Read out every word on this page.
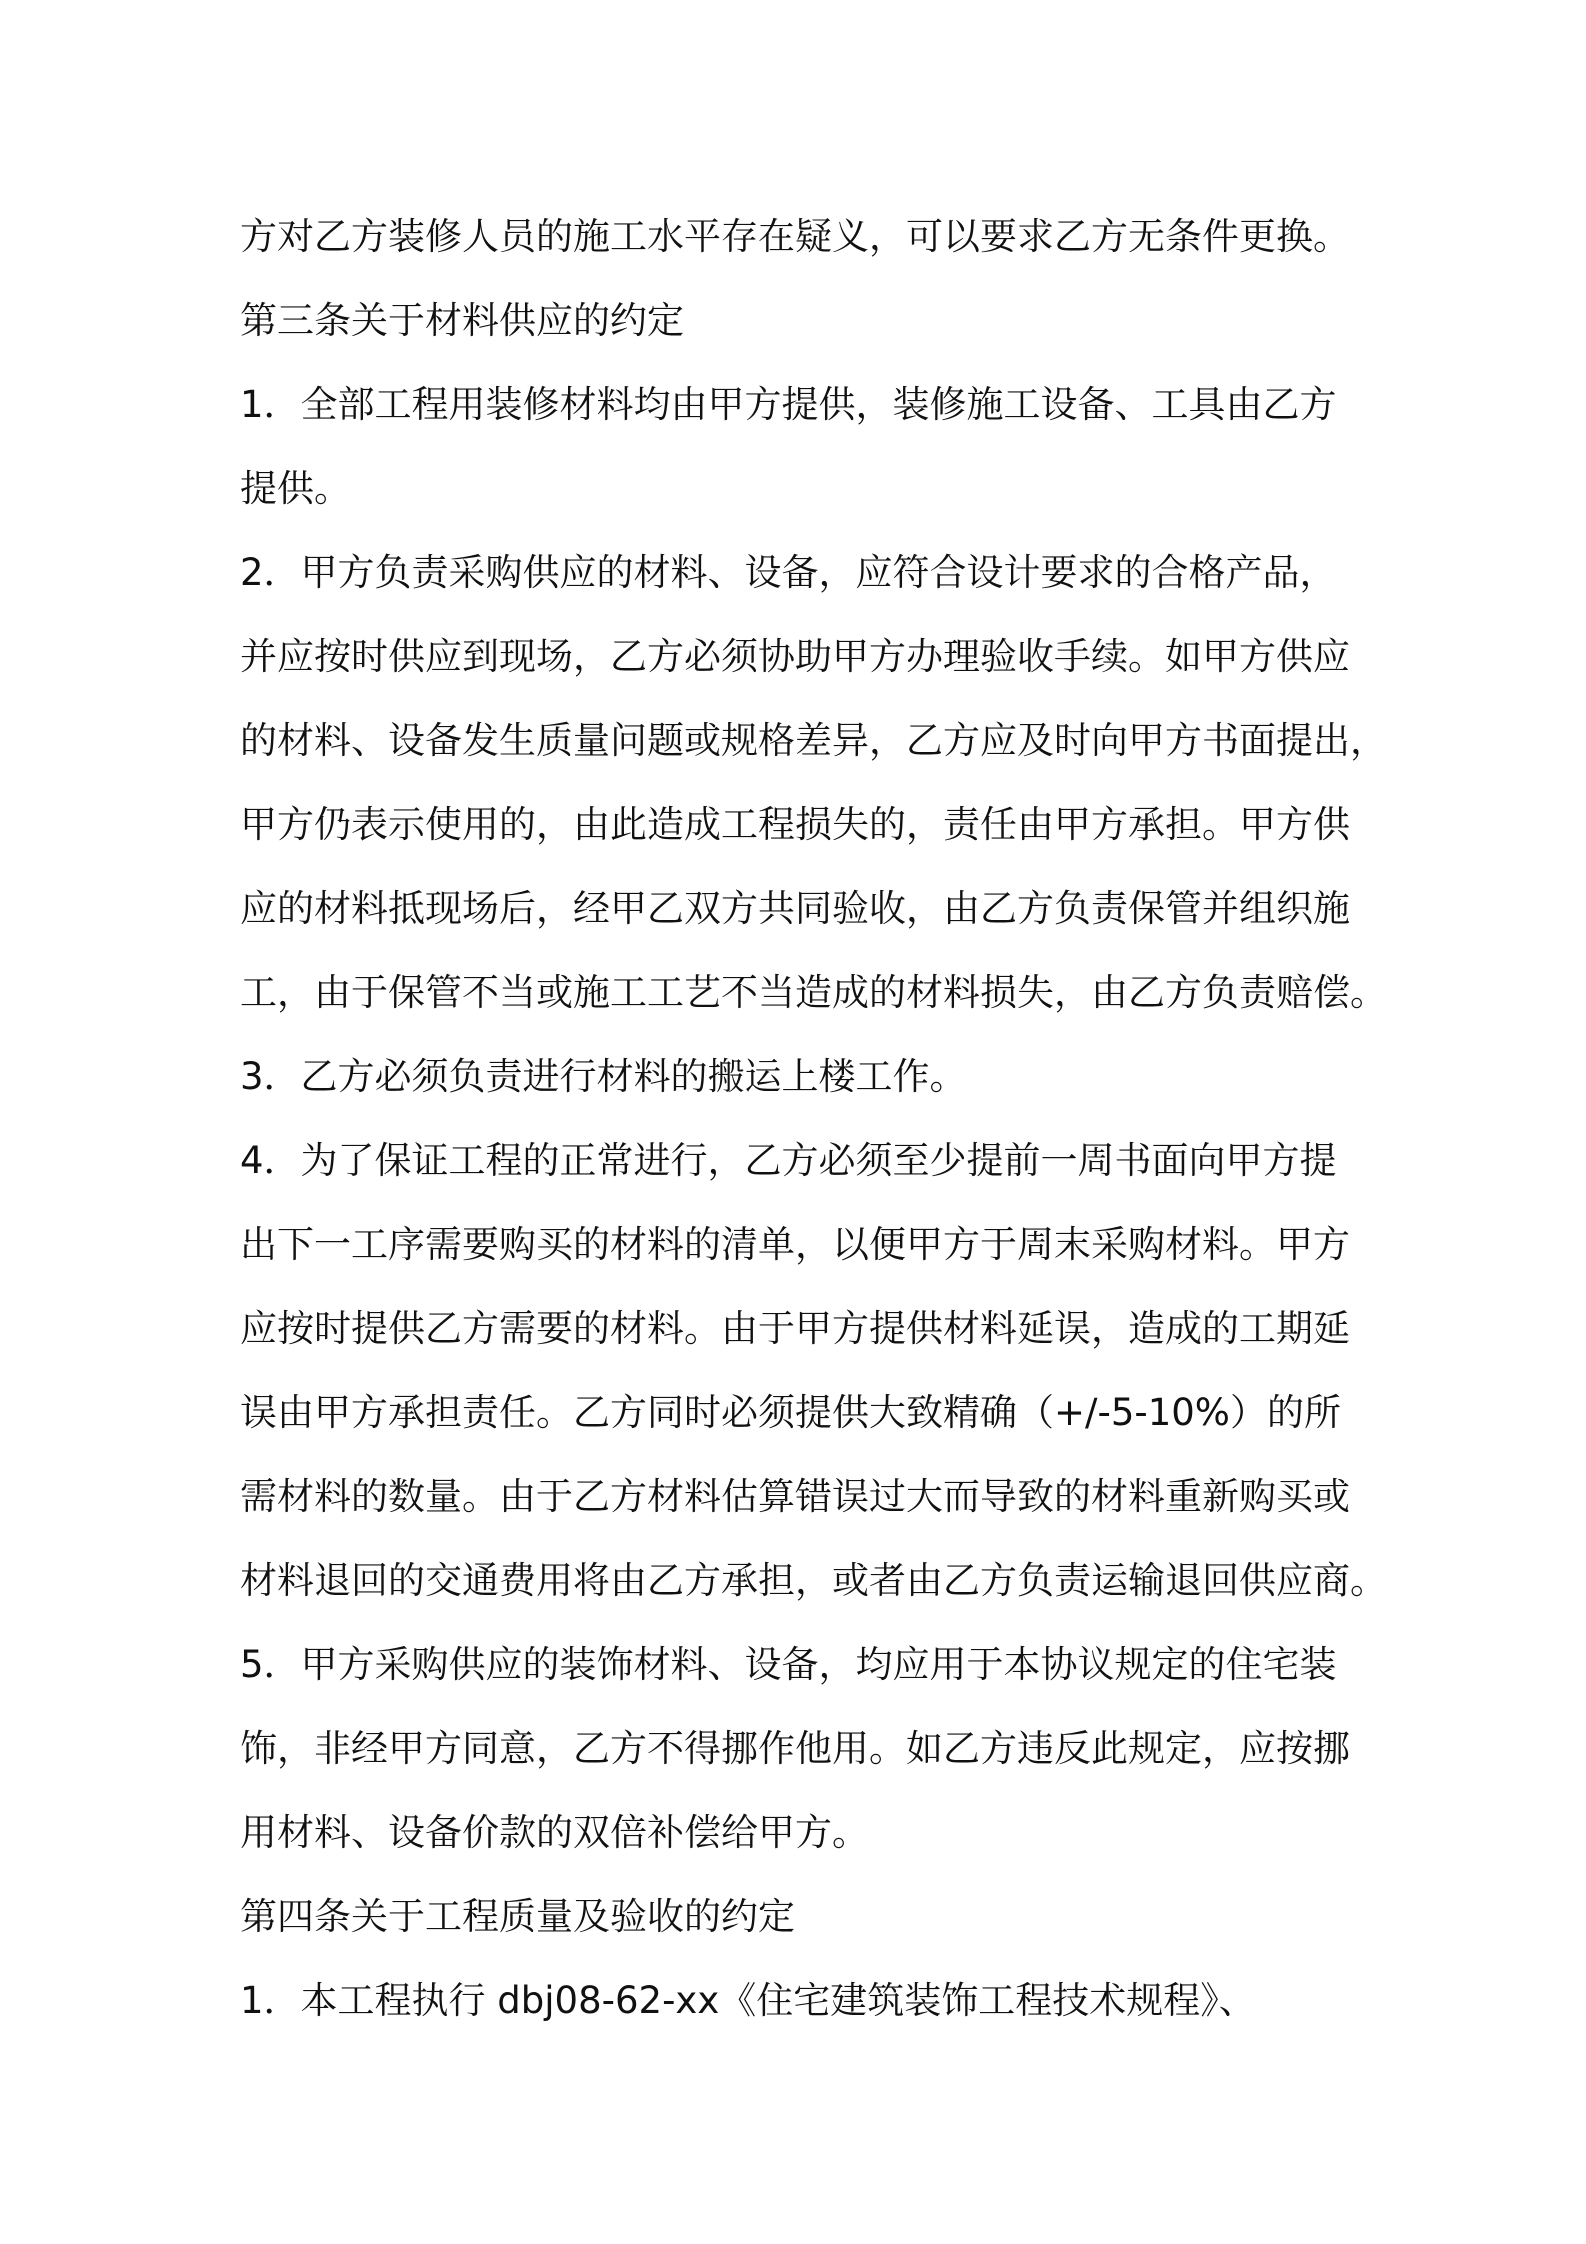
方对乙方装修人员的施工水平存在疑义，可以要求乙方无条件更换。
第三条关于材料供应的约定
1．全部工程用装修材料均由甲方提供，装修施工设备、工具由乙方
提供。
2．甲方负责采购供应的材料、设备，应符合设计要求的合格产品，
并应按时供应到现场，乙方必须协助甲方办理验收手续。如甲方供应
的材料、设备发生质量问题或规格差异，乙方应及时向甲方书面提出，
甲方仍表示使用的，由此造成工程损失的，责任由甲方承担。甲方供
应的材料抵现场后，经甲乙双方共同验收，由乙方负责保管并组织施
工，由于保管不当或施工工艺不当造成的材料损失，由乙方负责赔偿。
3．乙方必须负责进行材料的搬运上楼工作。
4．为了保证工程的正常进行，乙方必须至少提前一周书面向甲方提
出下一工序需要购买的材料的清单，以便甲方于周末采购材料。甲方
应按时提供乙方需要的材料。由于甲方提供材料延误，造成的工期延
误由甲方承担责任。乙方同时必须提供大致精确（+/-5-10%）的所
需材料的数量。由于乙方材料估算错误过大而导致的材料重新购买或
材料退回的交通费用将由乙方承担，或者由乙方负责运输退回供应商。
5．甲方采购供应的装饰材料、设备，均应用于本协议规定的住宅装
饰，非经甲方同意，乙方不得挪作他用。如乙方违反此规定，应按挪
用材料、设备价款的双倍补偿给甲方。
第四条关于工程质量及验收的约定
1．本工程执行 dbj08-62-xx《住宅建筑装饰工程技术规程》、
